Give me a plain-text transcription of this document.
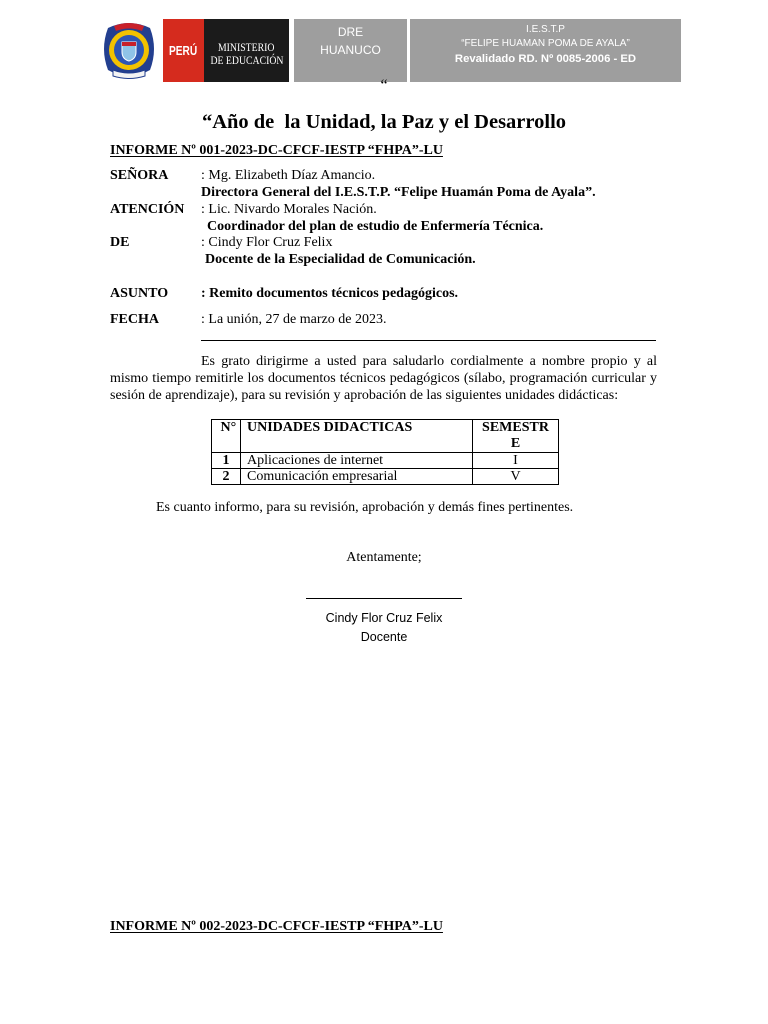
PERÚ	MINISTERIO
DE EDUCACIÓN
DRE
HUANUCO
I.E.S.T.P
“FELIPE HUAMAN POMA DE AYALA”
Revalidado RD. Nº 0085-2006 - ED
“
“Año de  la Unidad, la Paz y el Desarrollo
INFORME Nº 001-2023-DC-CFCF-IESTP “FHPA”-LU
SEÑORA : Mg. Elizabeth Díaz Amancio.
Directora General del I.E.S.T.P. “Felipe Huamán Poma de Ayala”.
ATENCIÓN : Lic. Nivardo Morales Nación.
Coordinador del plan de estudio de Enfermería Técnica.
DE	: Cindy Flor Cruz Felix
Docente de la Especialidad de Comunicación.
ASUNTO : Remito documentos técnicos pedagógicos.
FECHA	: La unión, 27 de marzo de 2023.
Es grato dirigirme a usted para saludarlo cordialmente a nombre propio y al mismo tiempo remitirle los documentos técnicos pedagógicos (sílabo, programación curricular y sesión de aprendizaje), para su revisión y aprobación de las siguientes unidades didácticas:
N°	UNIDADES DIDACTICAS	SEMESTRE

1	Aplicaciones de internet	I
2	Comunicación empresarial	V
Es cuanto informo, para su revisión, aprobación y demás fines pertinentes.
Atentamente;
Cindy Flor Cruz Felix
Docente
INFORME Nº 002-2023-DC-CFCF-IESTP “FHPA”-LU
